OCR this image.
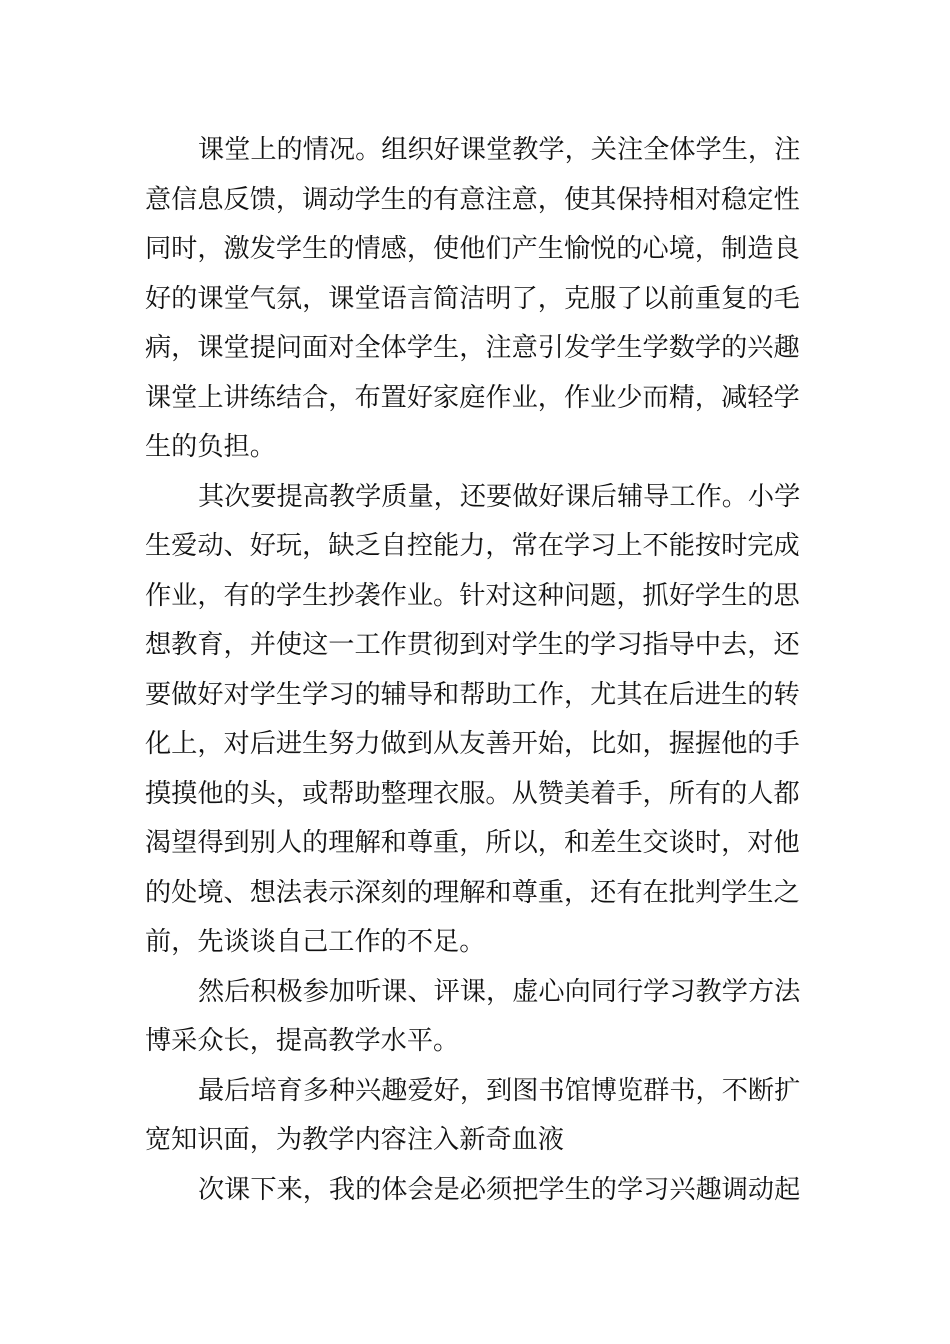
课堂上的情况。组织好课堂教学，关注全体学生，注
意信息反馈，调动学生的有意注意，使其保持相对稳定性
同时，激发学生的情感，使他们产生愉悦的心境，制造良
好的课堂气氛，课堂语言简洁明了，克服了以前重复的毛
病，课堂提问面对全体学生，注意引发学生学数学的兴趣
课堂上讲练结合，布置好家庭作业，作业少而精，减轻学
生的负担。
其次要提高教学质量，还要做好课后辅导工作。小学
生爱动、好玩，缺乏自控能力，常在学习上不能按时完成
作业，有的学生抄袭作业。针对这种问题，抓好学生的思
想教育，并使这一工作贯彻到对学生的学习指导中去，还
要做好对学生学习的辅导和帮助工作，尤其在后进生的转
化上，对后进生努力做到从友善开始，比如，握握他的手
摸摸他的头，或帮助整理衣服。从赞美着手，所有的人都
渴望得到别人的理解和尊重，所以，和差生交谈时，对他
的处境、想法表示深刻的理解和尊重，还有在批判学生之
前，先谈谈自己工作的不足。
然后积极参加听课、评课，虚心向同行学习教学方法
博采众长，提高教学水平。
最后培育多种兴趣爱好，到图书馆博览群书，不断扩
宽知识面，为教学内容注入新奇血液
次课下来，我的体会是必须把学生的学习兴趣调动起
